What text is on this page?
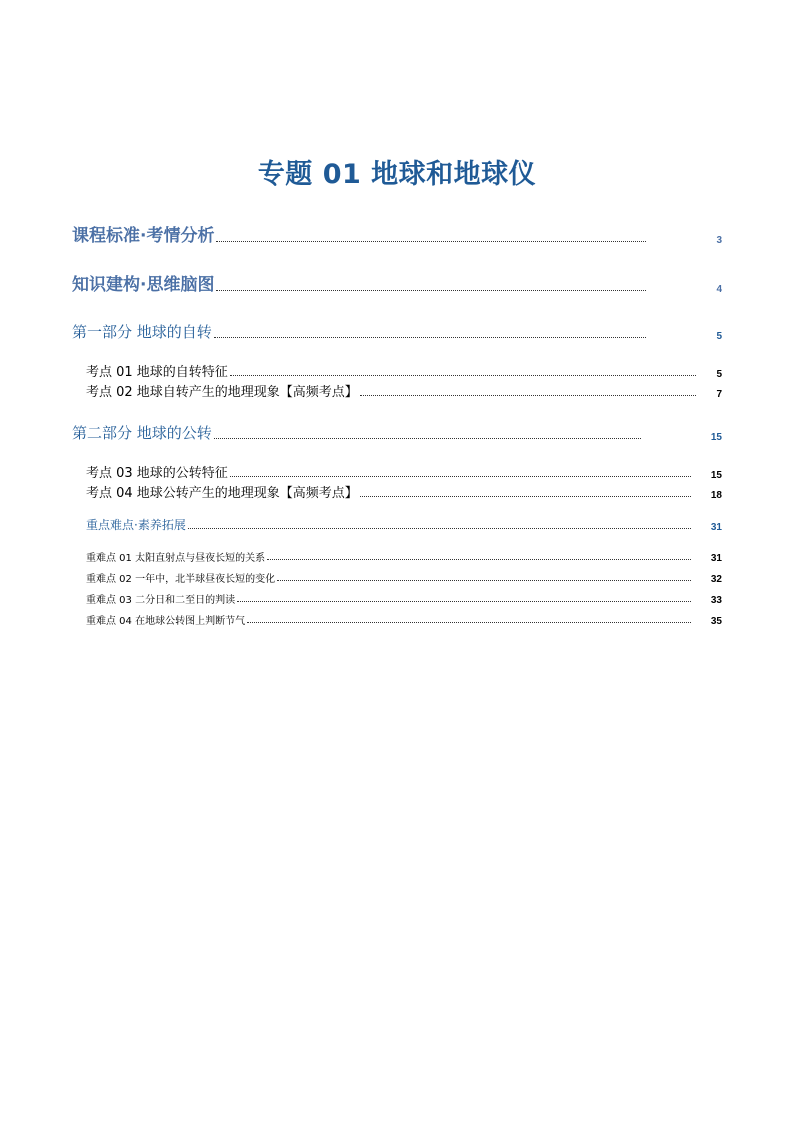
专题 01 地球和地球仪
课程标准·考情分析	3
知识建构·思维脑图	4
第一部分 地球的自转	5
考点 01 地球的自转特征	5
考点 02 地球自转产生的地理现象【高频考点】	7
第二部分 地球的公转	15
考点 03 地球的公转特征	15
考点 04 地球公转产生的地理现象【高频考点】	18
重点难点·素养拓展	31
重难点 01 太阳直射点与昼夜长短的关系	31
重难点 02 一年中，北半球昼夜长短的变化	32
重难点 03 二分日和二至日的判读	33
重难点 04 在地球公转图上判断节气	35
